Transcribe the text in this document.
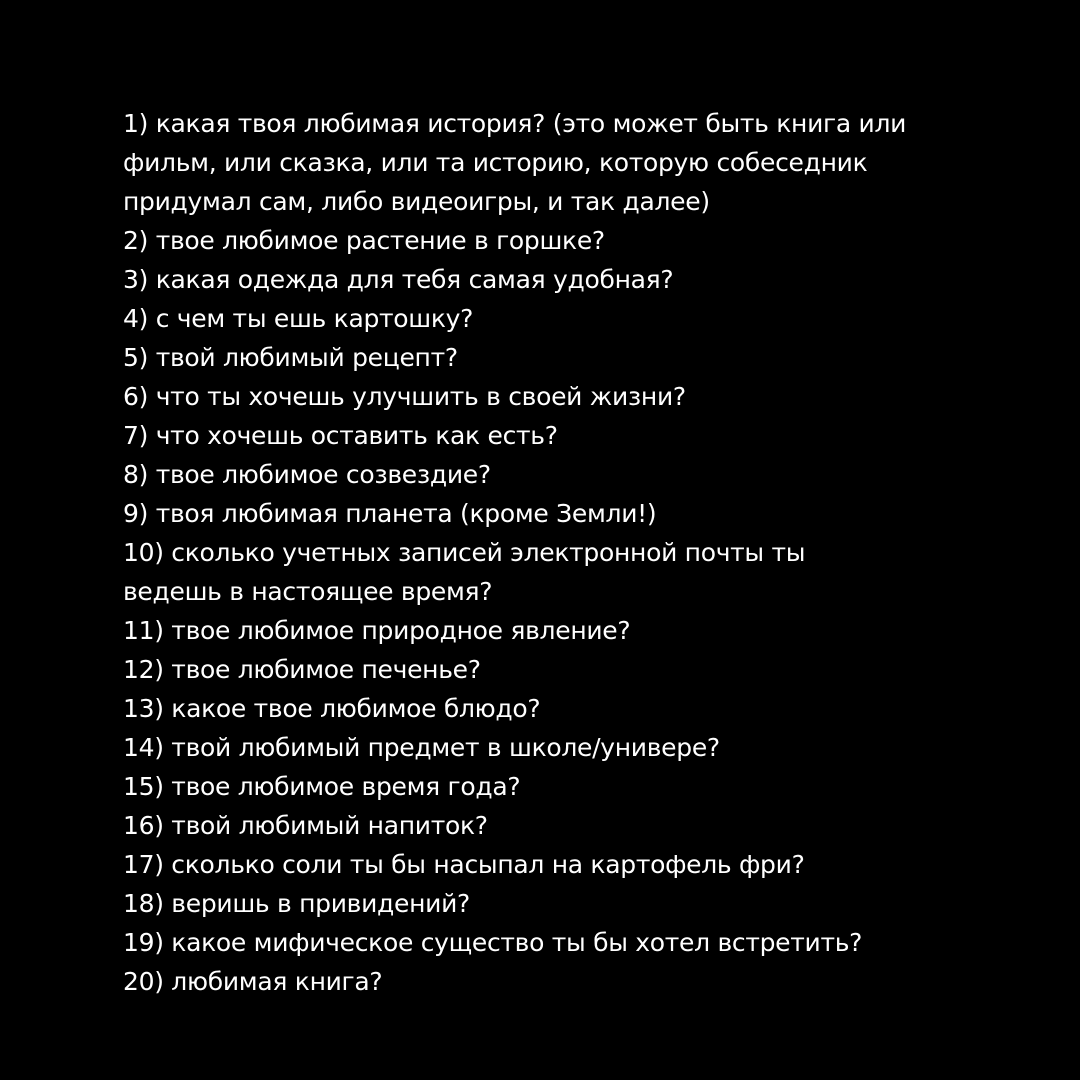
1) какая твоя любимая история? (это может быть книга или
фильм, или сказка, или та историю, которую собеседник
придумал сам, либо видеоигры, и так далее)
2) твое любимое растение в горшке?
3) какая одежда для тебя самая удобная?
4) с чем ты ешь картошку?
5) твой любимый рецепт?
6) что ты хочешь улучшить в своей жизни?
7) что хочешь оставить как есть?
8) твое любимое созвездие?
9) твоя любимая планета (кроме Земли!)
10) сколько учетных записей электронной почты ты
ведешь в настоящее время?
11) твое любимое природное явление?
12) твое любимое печенье?
13) какое твое любимое блюдо?
14) твой любимый предмет в школе/универе?
15) твое любимое время года?
16) твой любимый напиток?
17) сколько соли ты бы насыпал на картофель фри?
18) веришь в привидений?
19) какое мифическое существо ты бы хотел встретить?
20) любимая книга?
